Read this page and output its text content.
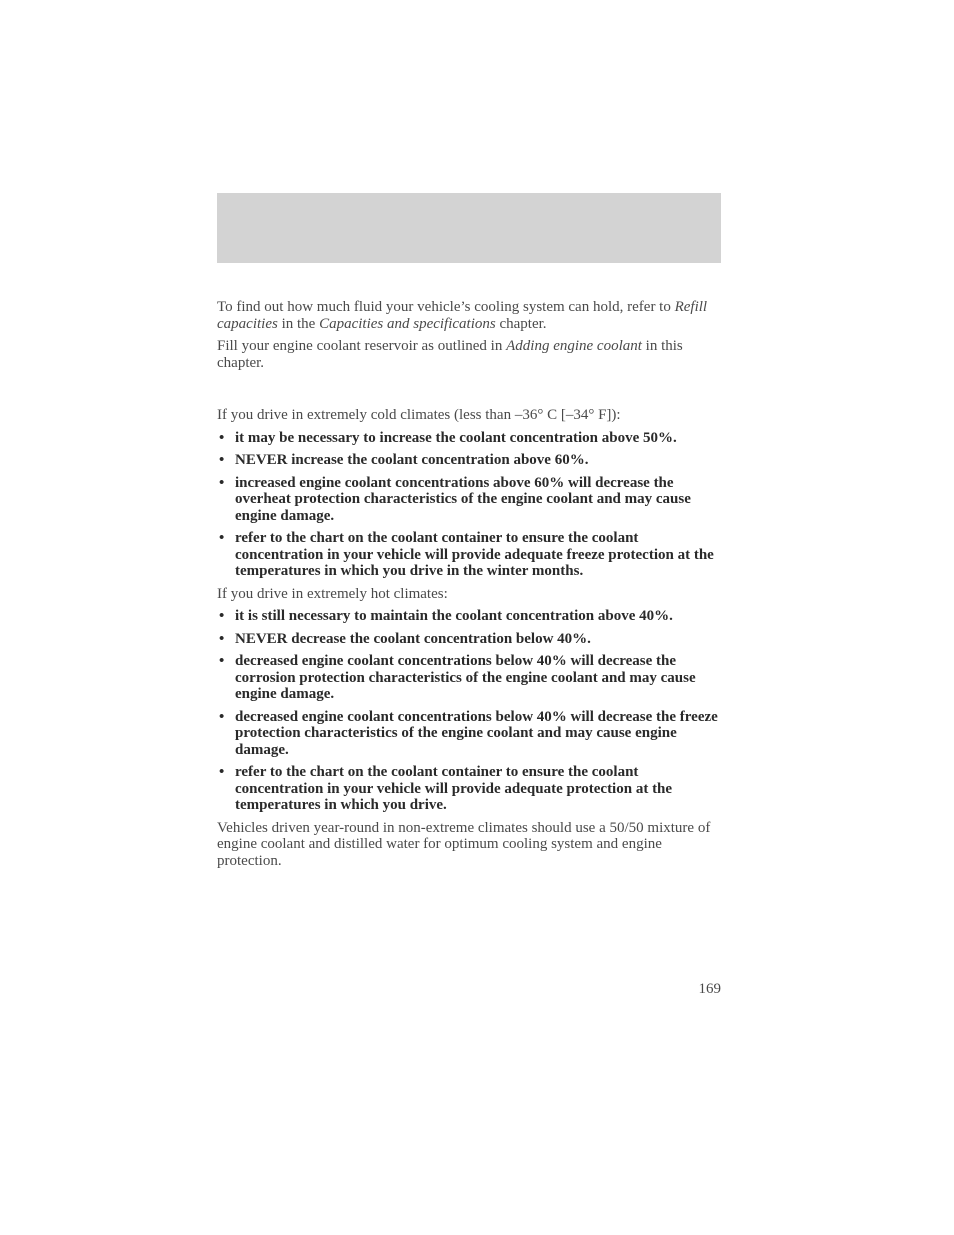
To find out how much fluid your vehicle’s cooling system can hold, refer to Refill capacities in the Capacities and specifications chapter.

Fill your engine coolant reservoir as outlined in Adding engine coolant in this chapter.

If you drive in extremely cold climates (less than –36° C [–34° F]):

• it may be necessary to increase the coolant concentration above 50%.
• NEVER increase the coolant concentration above 60%.
• increased engine coolant concentrations above 60% will decrease the overheat protection characteristics of the engine coolant and may cause engine damage.
• refer to the chart on the coolant container to ensure the coolant concentration in your vehicle will provide adequate freeze protection at the temperatures in which you drive in the winter months.

If you drive in extremely hot climates:

• it is still necessary to maintain the coolant concentration above 40%.
• NEVER decrease the coolant concentration below 40%.
• decreased engine coolant concentrations below 40% will decrease the corrosion protection characteristics of the engine coolant and may cause engine damage.
• decreased engine coolant concentrations below 40% will decrease the freeze protection characteristics of the engine coolant and may cause engine damage.
• refer to the chart on the coolant container to ensure the coolant concentration in your vehicle will provide adequate protection at the temperatures in which you drive.

Vehicles driven year-round in non-extreme climates should use a 50/50 mixture of engine coolant and distilled water for optimum cooling system and engine protection.

169
